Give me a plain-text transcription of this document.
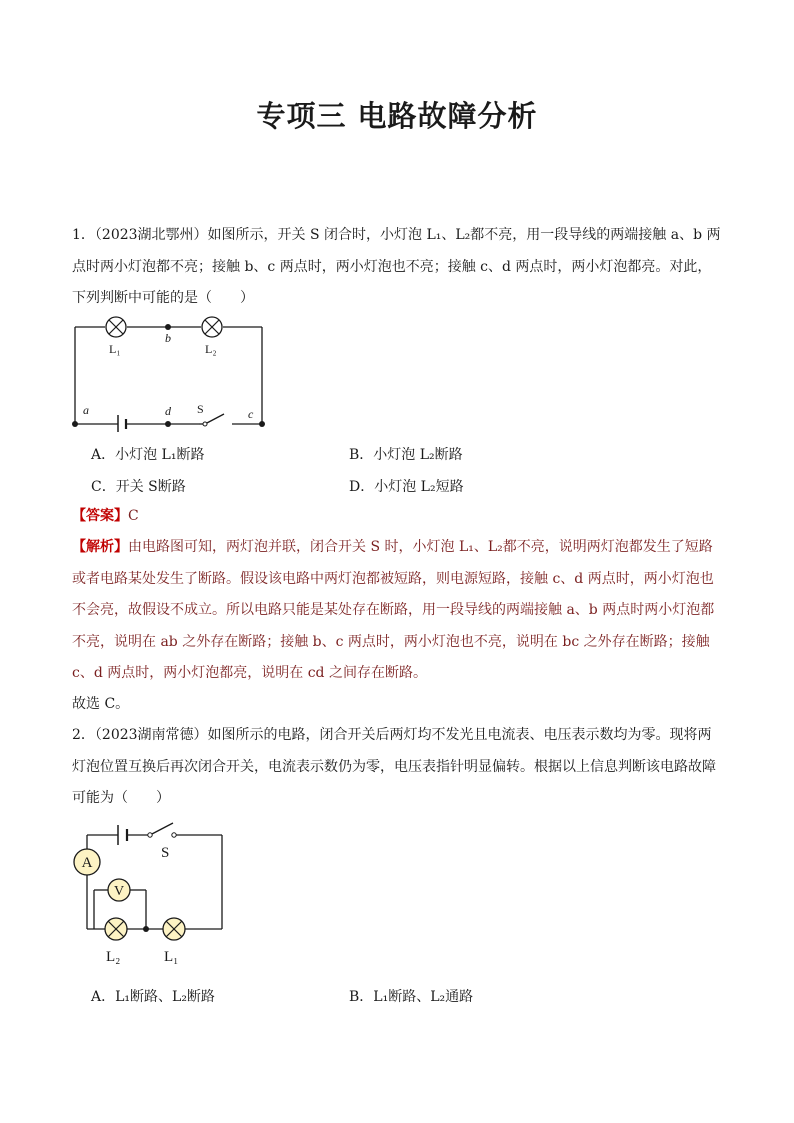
专项三 电路故障分析

1．（2023湖北鄂州）如图所示，开关 S 闭合时，小灯泡 L₁、L₂都不亮，用一段导线的两端接触 a、b 两点时两小灯泡都不亮；接触 b、c 两点时，两小灯泡也不亮；接触 c、d 两点时，两小灯泡都亮。对此，下列判断中可能的是（　　）

L₁	L₂
b
a	d S	c
A．小灯泡 L₁断路	B．小灯泡 L₂断路
C．开关 S断路	D．小灯泡 L₂短路

【答案】C

【解析】由电路图可知，两灯泡并联，闭合开关 S 时，小灯泡 L₁、L₂都不亮，说明两灯泡都发生了短路或者电路某处发生了断路。假设该电路中两灯泡都被短路，则电源短路，接触 c、d 两点时，两小灯泡也不会亮，故假设不成立。所以电路只能是某处存在断路，用一段导线的两端接触 a、b 两点时两小灯泡都不亮，说明在 ab 之外存在断路；接触 b、c 两点时，两小灯泡也不亮，说明在 bc 之外存在断路；接触 c、d 两点时，两小灯泡都亮，说明在 cd 之间存在断路。

故选 C。

2．（2023湖南常德）如图所示的电路，闭合开关后两灯均不发光且电流表、电压表示数均为零。现将两灯泡位置互换后再次闭合开关，电流表示数仍为零，电压表指针明显偏转。根据以上信息判断该电路故障可能为（　　）

A
V
S
L₂	L₁
A．L₁断路、L₂断路	B．L₁断路、L₂通路
